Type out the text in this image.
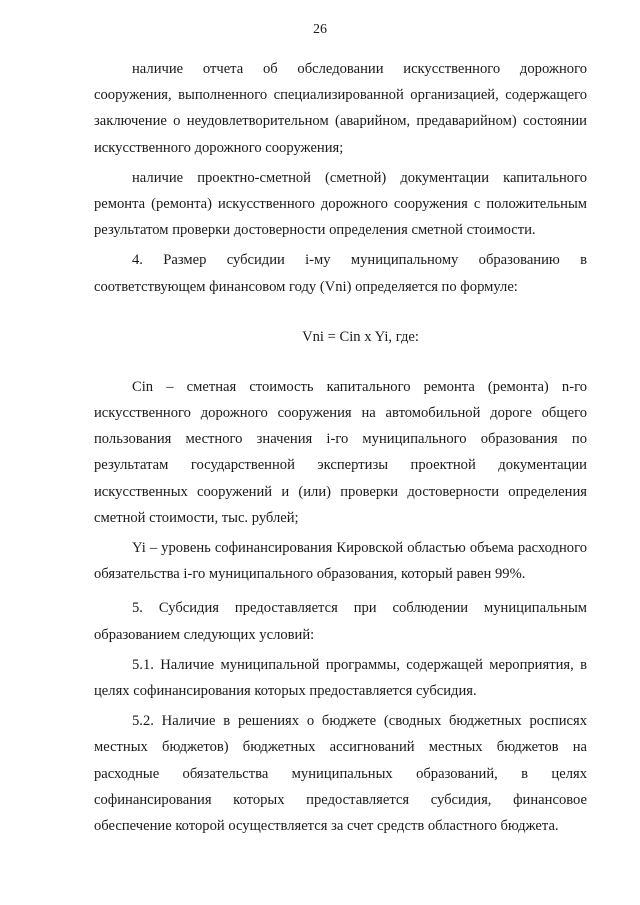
26

наличие отчета об обследовании искусственного дорожного сооружения, выполненного специализированной организацией, содержащего заключение о неудовлетворительном (аварийном, предаварийном) состоянии искусственного дорожного сооружения;

наличие проектно-сметной (сметной) документации капитального ремонта (ремонта) искусственного дорожного сооружения с положительным результатом проверки достоверности определения сметной стоимости.

4. Размер субсидии i-му муниципальному образованию в соответствующем финансовом году (Vni) определяется по формуле:

Vni = Cin x Yi, где:

Cin – сметная стоимость капитального ремонта (ремонта) n-го искусственного дорожного сооружения на автомобильной дороге общего пользования местного значения i-го муниципального образования по результатам государственной экспертизы проектной документации искусственных сооружений и (или) проверки достоверности определения сметной стоимости, тыс. рублей;

Yi – уровень софинансирования Кировской областью объема расходного обязательства i-го муниципального образования, который равен 99%.

5. Субсидия предоставляется при соблюдении муниципальным образованием следующих условий:

5.1. Наличие муниципальной программы, содержащей мероприятия, в целях софинансирования которых предоставляется субсидия.

5.2. Наличие в решениях о бюджете (сводных бюджетных росписях местных бюджетов) бюджетных ассигнований местных бюджетов на расходные обязательства муниципальных образований, в целях софинансирования которых предоставляется субсидия, финансовое обеспечение которой осуществляется за счет средств областного бюджета.
